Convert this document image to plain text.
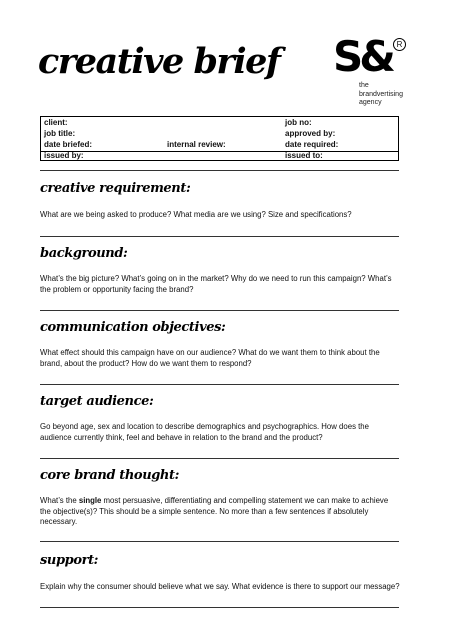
creative brief S& R
the
brandvertising
agency
client:
job title:
date briefed:
issued by:
internal review:
job no:
approved by:
date required:
issued to:
creative requirement:
What are we being asked to produce? What media are we using? Size and specifications?
background:
What’s the big picture? What’s going on in the market? Why do we need to run this campaign? What’s
the problem or opportunity facing the brand?
communication objectives:
What effect should this campaign have on our audience? What do we want them to think about the
brand, about the product? How do we want them to respond?
target audience:
Go beyond age, sex and location to describe demographics and psychographics. How does the
audience currently think, feel and behave in relation to the brand and the product?
core brand thought:
What’s the single most persuasive, differentiating and compelling statement we can make to achieve
the objective(s)? This should be a simple sentence. No more than a few sentences if absolutely
necessary.
support:
Explain why the consumer should believe what we say. What evidence is there to support our message?
